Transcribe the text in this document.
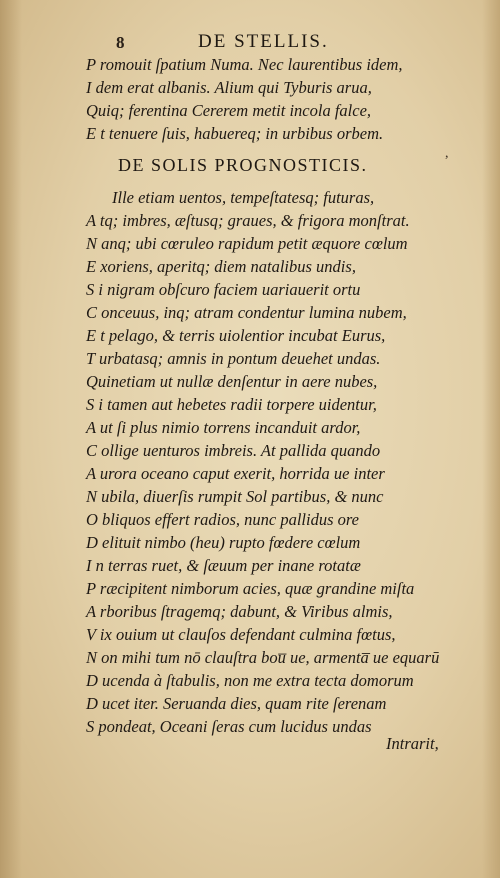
8	DE STELLIS.
P romouit ſpatium Numa. Nec laurentibus idem,
I dem erat albanis. Alium qui Tyburis arua,
Quiq; ferentina Cererem metit incola falce,
E t tenuere ſuis, habuereq; in urbibus orbem.
DE SOLIS PROGNOSTICIS.
,
Ille etiam uentos, tempeſtatesq; futuras,
A tq; imbres, æſtusq; graues, & frigora monſtrat.
N anq; ubi cœruleo rapidum petit æquore cœlum
E xoriens, aperitq; diem natalibus undis,
S i nigram obſcuro faciem uariauerit ortu
C onceuus, inq; atram condentur lumina nubem,
E t pelago, & terris uiolentior incubat Eurus,
T urbatasq; amnis in pontum deuehet undas.
Quinetiam ut nullæ denſentur in aere nubes,
S i tamen aut hebetes radii torpere uidentur,
A ut ſi plus nimio torrens incanduit ardor,
C ollige uenturos imbreis. At pallida quando
A urora oceano caput exerit, horrida ue inter
N ubila, diuerſis rumpit Sol partibus, & nunc
O bliquos effert radios, nunc pallidus ore
D elituit nimbo (heu) rupto fœdere cœlum
I n terras ruet, & ſæuum per inane rotatæ
P ræcipitent nimborum acies, quæ grandine miſta
A rboribus ſtragemq; dabunt, & Viribus almis,
V ix ouium ut clauſos defendant culmina fœtus,
N on mihi tum nō clauſtra bou̅ ue, armenta̅ ue equarū
D ucenda à ſtabulis, non me extra tecta domorum
D ucet iter. Seruanda dies, quam rite ſerenam
S pondeat, Oceani ſeras cum lucidus undas
Intrarit,
